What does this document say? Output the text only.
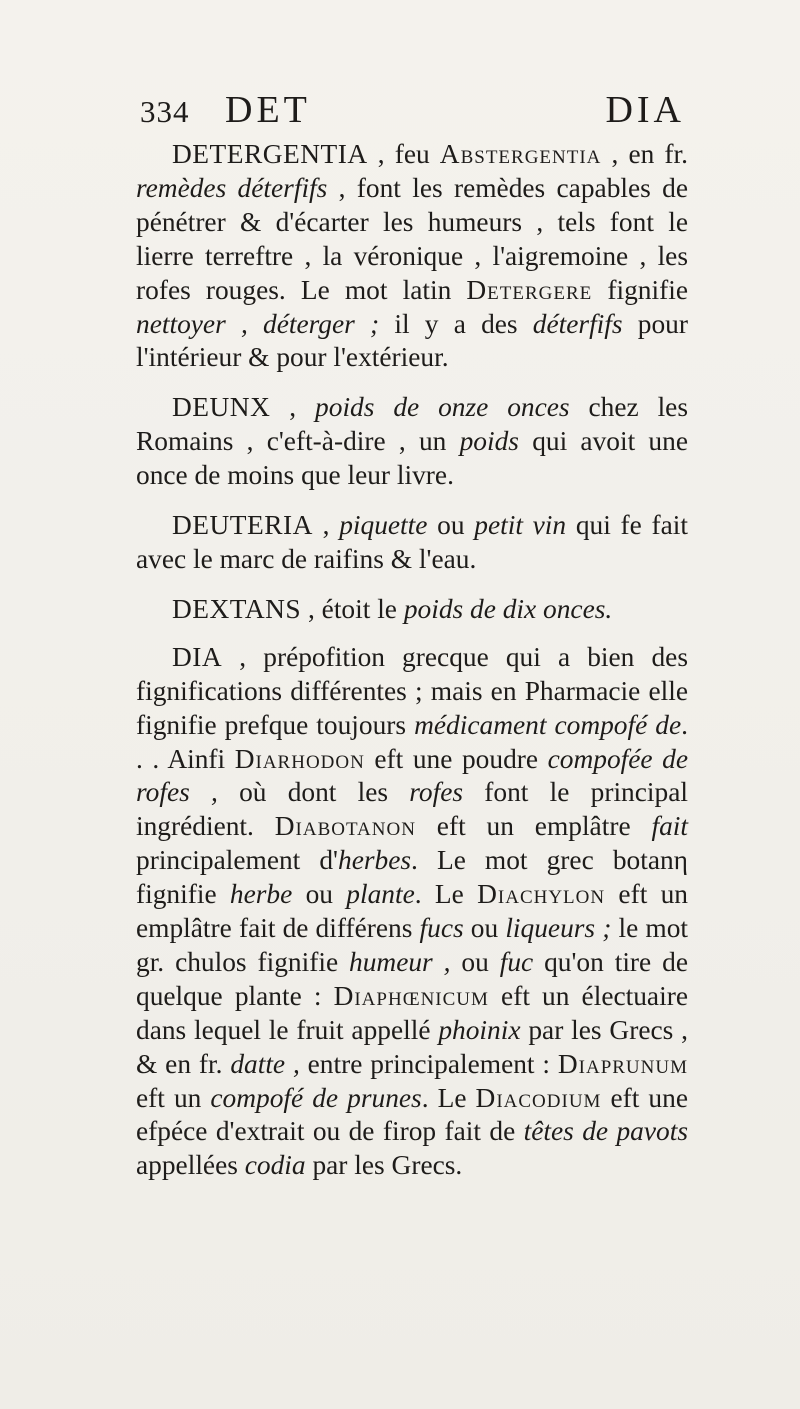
334 DET	DIA

DETERGENTIA , feu Abstergentia , en fr. remèdes déterfifs , font les remèdes capables de pénétrer & d'écarter les humeurs , tels font le lierre terreftre , la véronique , l'aigremoine , les rofes rouges. Le mot latin Detergere fignifie nettoyer , déterger ; il y a des déterfifs pour l'intérieur & pour l'extérieur.

DEUNX , poids de onze onces chez les Romains , c'eft-à-dire , un poids qui avoit une once de moins que leur livre.

DEUTERIA , piquette ou petit vin qui fe fait avec le marc de raifins & l'eau.

DEXTANS , étoit le poids de dix onces.

DIA , prépofition grecque qui a bien des fignifications différentes ; mais en Pharmacie elle fignifie prefque toujours médicament compofé de. . . Ainfi Diarhodon eft une poudre compofée de rofes , où dont les rofes font le principal ingrédient. Diabotanon eft un emplâtre fait principalement d'herbes. Le mot grec botanη fignifie herbe ou plante. Le Diachylon eft un emplâtre fait de différens fucs ou liqueurs ; le mot gr. chulos fignifie humeur , ou fuc qu'on tire de quelque plante : Diaphœnicum eft un électuaire dans lequel le fruit appellé phoinix par les Grecs , & en fr. datte , entre principalement : Diaprunum eft un compofé de prunes. Le Diacodium eft une efpéce d'extrait ou de firop fait de têtes de pavots appellées codia par les Grecs.
